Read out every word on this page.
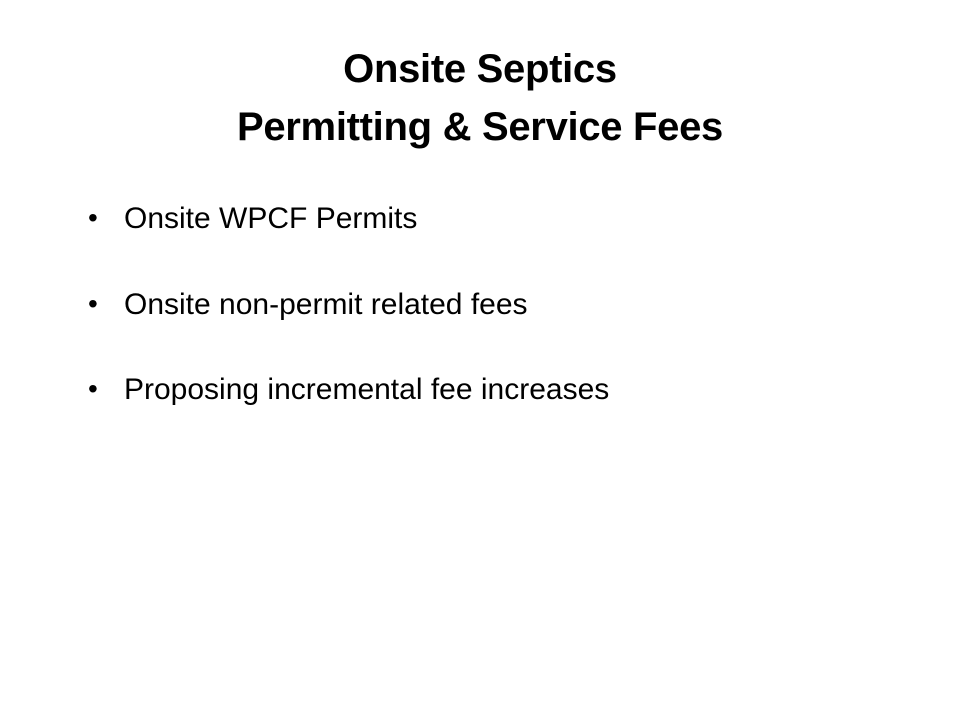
Onsite Septics
Permitting & Service Fees
• Onsite WPCF Permits
• Onsite non-permit related fees
• Proposing incremental fee increases
